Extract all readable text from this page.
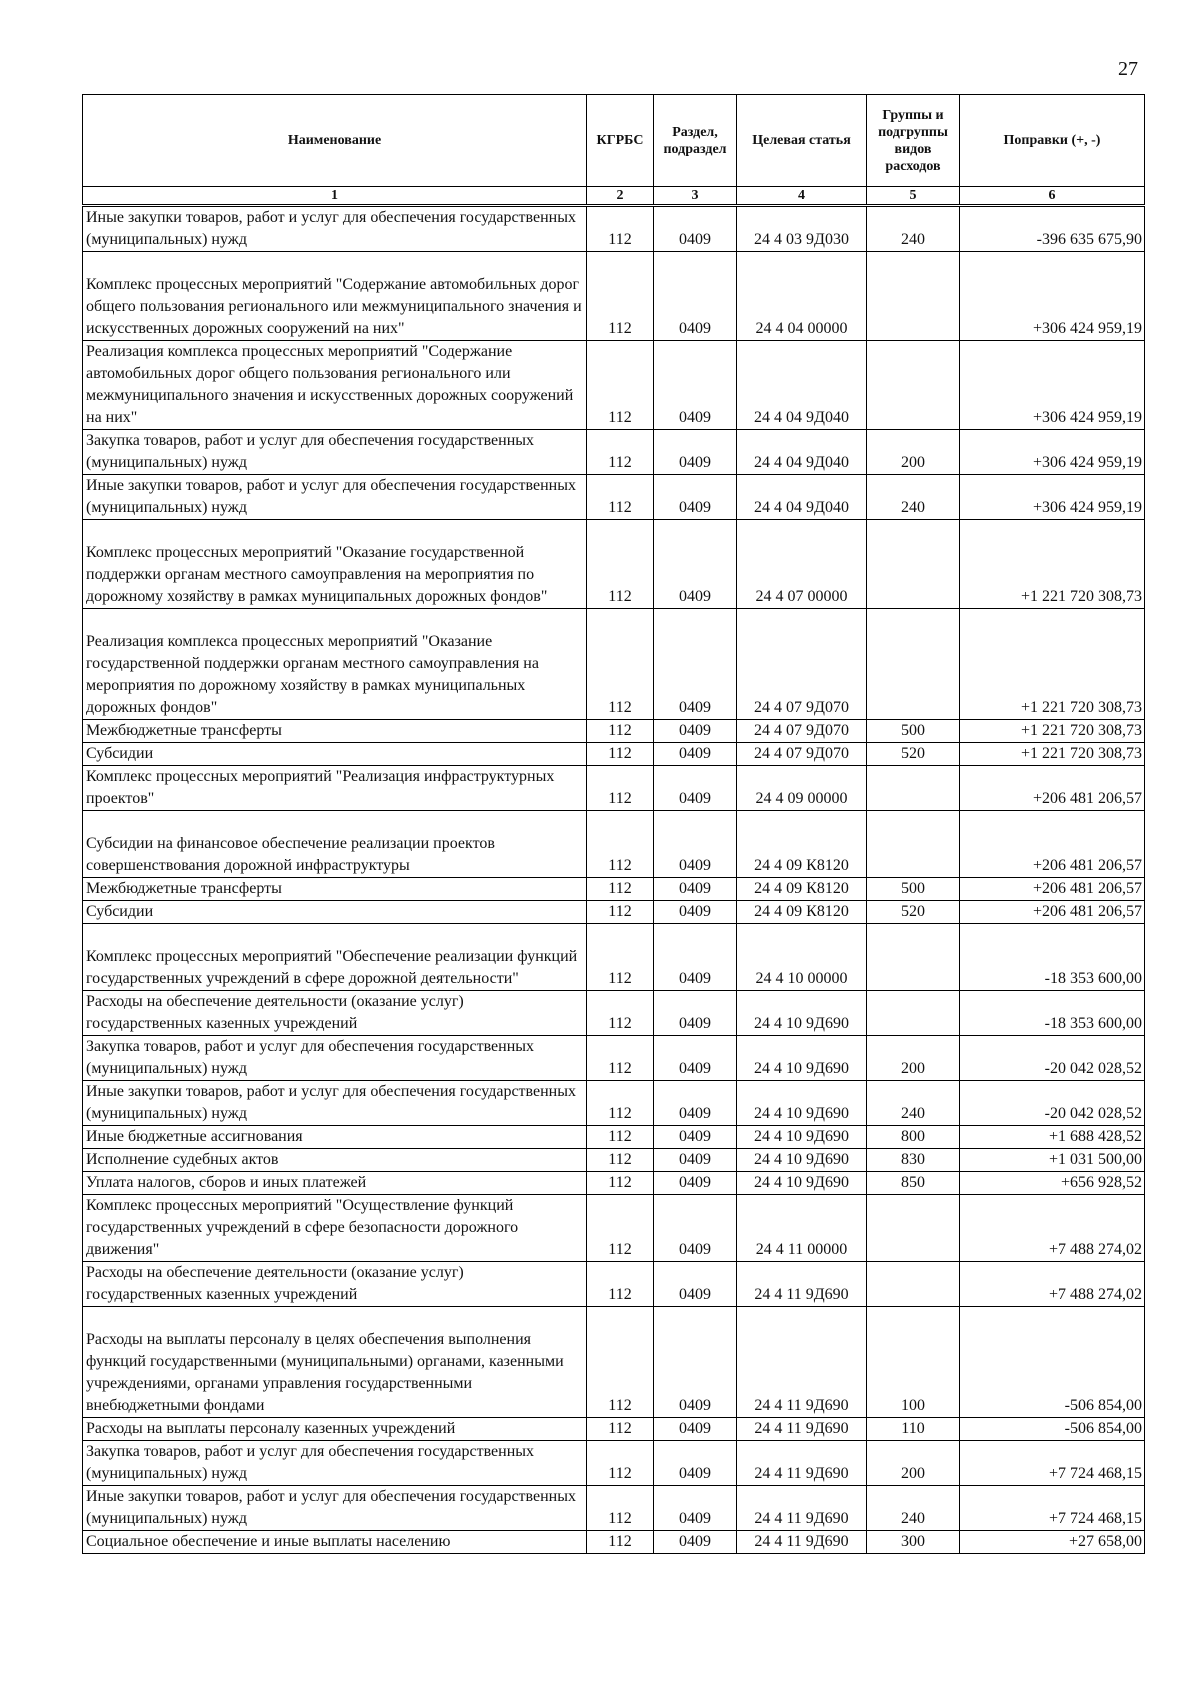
27
Наименование	КГРБС	Раздел, подраздел	Целевая статья	Группы и подгруппы видов расходов	Поправки (+, -)
1	2	3	4	5	6
Иные закупки товаров, работ и услуг для обеспечения государственных (муниципальных) нужд	112	0409	24 4 03 9Д030	240	-396 635 675,90
Комплекс процессных мероприятий "Содержание автомобильных дорог общего пользования регионального или межмуниципального значения и искусственных дорожных сооружений на них"	112	0409	24 4 04 00000		+306 424 959,19
Реализация комплекса процессных мероприятий "Содержание автомобильных дорог общего пользования регионального или межмуниципального значения и искусственных дорожных сооружений на них"	112	0409	24 4 04 9Д040		+306 424 959,19
Закупка товаров, работ и услуг для обеспечения государственных (муниципальных) нужд	112	0409	24 4 04 9Д040	200	+306 424 959,19
Иные закупки товаров, работ и услуг для обеспечения государственных (муниципальных) нужд	112	0409	24 4 04 9Д040	240	+306 424 959,19
Комплекс процессных мероприятий "Оказание государственной поддержки органам местного самоуправления на мероприятия по дорожному хозяйству в рамках муниципальных дорожных фондов"	112	0409	24 4 07 00000		+1 221 720 308,73
Реализация комплекса процессных мероприятий "Оказание государственной поддержки органам местного самоуправления на мероприятия по дорожному хозяйству в рамках муниципальных дорожных фондов"	112	0409	24 4 07 9Д070		+1 221 720 308,73
Межбюджетные трансферты	112	0409	24 4 07 9Д070	500	+1 221 720 308,73
Субсидии	112	0409	24 4 07 9Д070	520	+1 221 720 308,73
Комплекс процессных мероприятий "Реализация инфраструктурных проектов"	112	0409	24 4 09 00000		+206 481 206,57
Субсидии на финансовое обеспечение реализации проектов совершенствования дорожной инфраструктуры	112	0409	24 4 09 К8120		+206 481 206,57
Межбюджетные трансферты	112	0409	24 4 09 К8120	500	+206 481 206,57
Субсидии	112	0409	24 4 09 К8120	520	+206 481 206,57
Комплекс процессных мероприятий "Обеспечение реализации функций государственных учреждений в сфере дорожной деятельности"	112	0409	24 4 10 00000		-18 353 600,00
Расходы на обеспечение деятельности (оказание услуг) государственных казенных учреждений	112	0409	24 4 10 9Д690		-18 353 600,00
Закупка товаров, работ и услуг для обеспечения государственных (муниципальных) нужд	112	0409	24 4 10 9Д690	200	-20 042 028,52
Иные закупки товаров, работ и услуг для обеспечения государственных (муниципальных) нужд	112	0409	24 4 10 9Д690	240	-20 042 028,52
Иные бюджетные ассигнования	112	0409	24 4 10 9Д690	800	+1 688 428,52
Исполнение судебных актов	112	0409	24 4 10 9Д690	830	+1 031 500,00
Уплата налогов, сборов и иных платежей	112	0409	24 4 10 9Д690	850	+656 928,52
Комплекс процессных мероприятий "Осуществление функций государственных учреждений в сфере безопасности дорожного движения"	112	0409	24 4 11 00000		+7 488 274,02
Расходы на обеспечение деятельности (оказание услуг) государственных казенных учреждений	112	0409	24 4 11 9Д690		+7 488 274,02
Расходы на выплаты персоналу в целях обеспечения выполнения функций государственными (муниципальными) органами, казенными учреждениями, органами управления государственными внебюджетными фондами	112	0409	24 4 11 9Д690	100	-506 854,00
Расходы на выплаты персоналу казенных учреждений	112	0409	24 4 11 9Д690	110	-506 854,00
Закупка товаров, работ и услуг для обеспечения государственных (муниципальных) нужд	112	0409	24 4 11 9Д690	200	+7 724 468,15
Иные закупки товаров, работ и услуг для обеспечения государственных (муниципальных) нужд	112	0409	24 4 11 9Д690	240	+7 724 468,15
Социальное обеспечение и иные выплаты населению	112	0409	24 4 11 9Д690	300	+27 658,00
